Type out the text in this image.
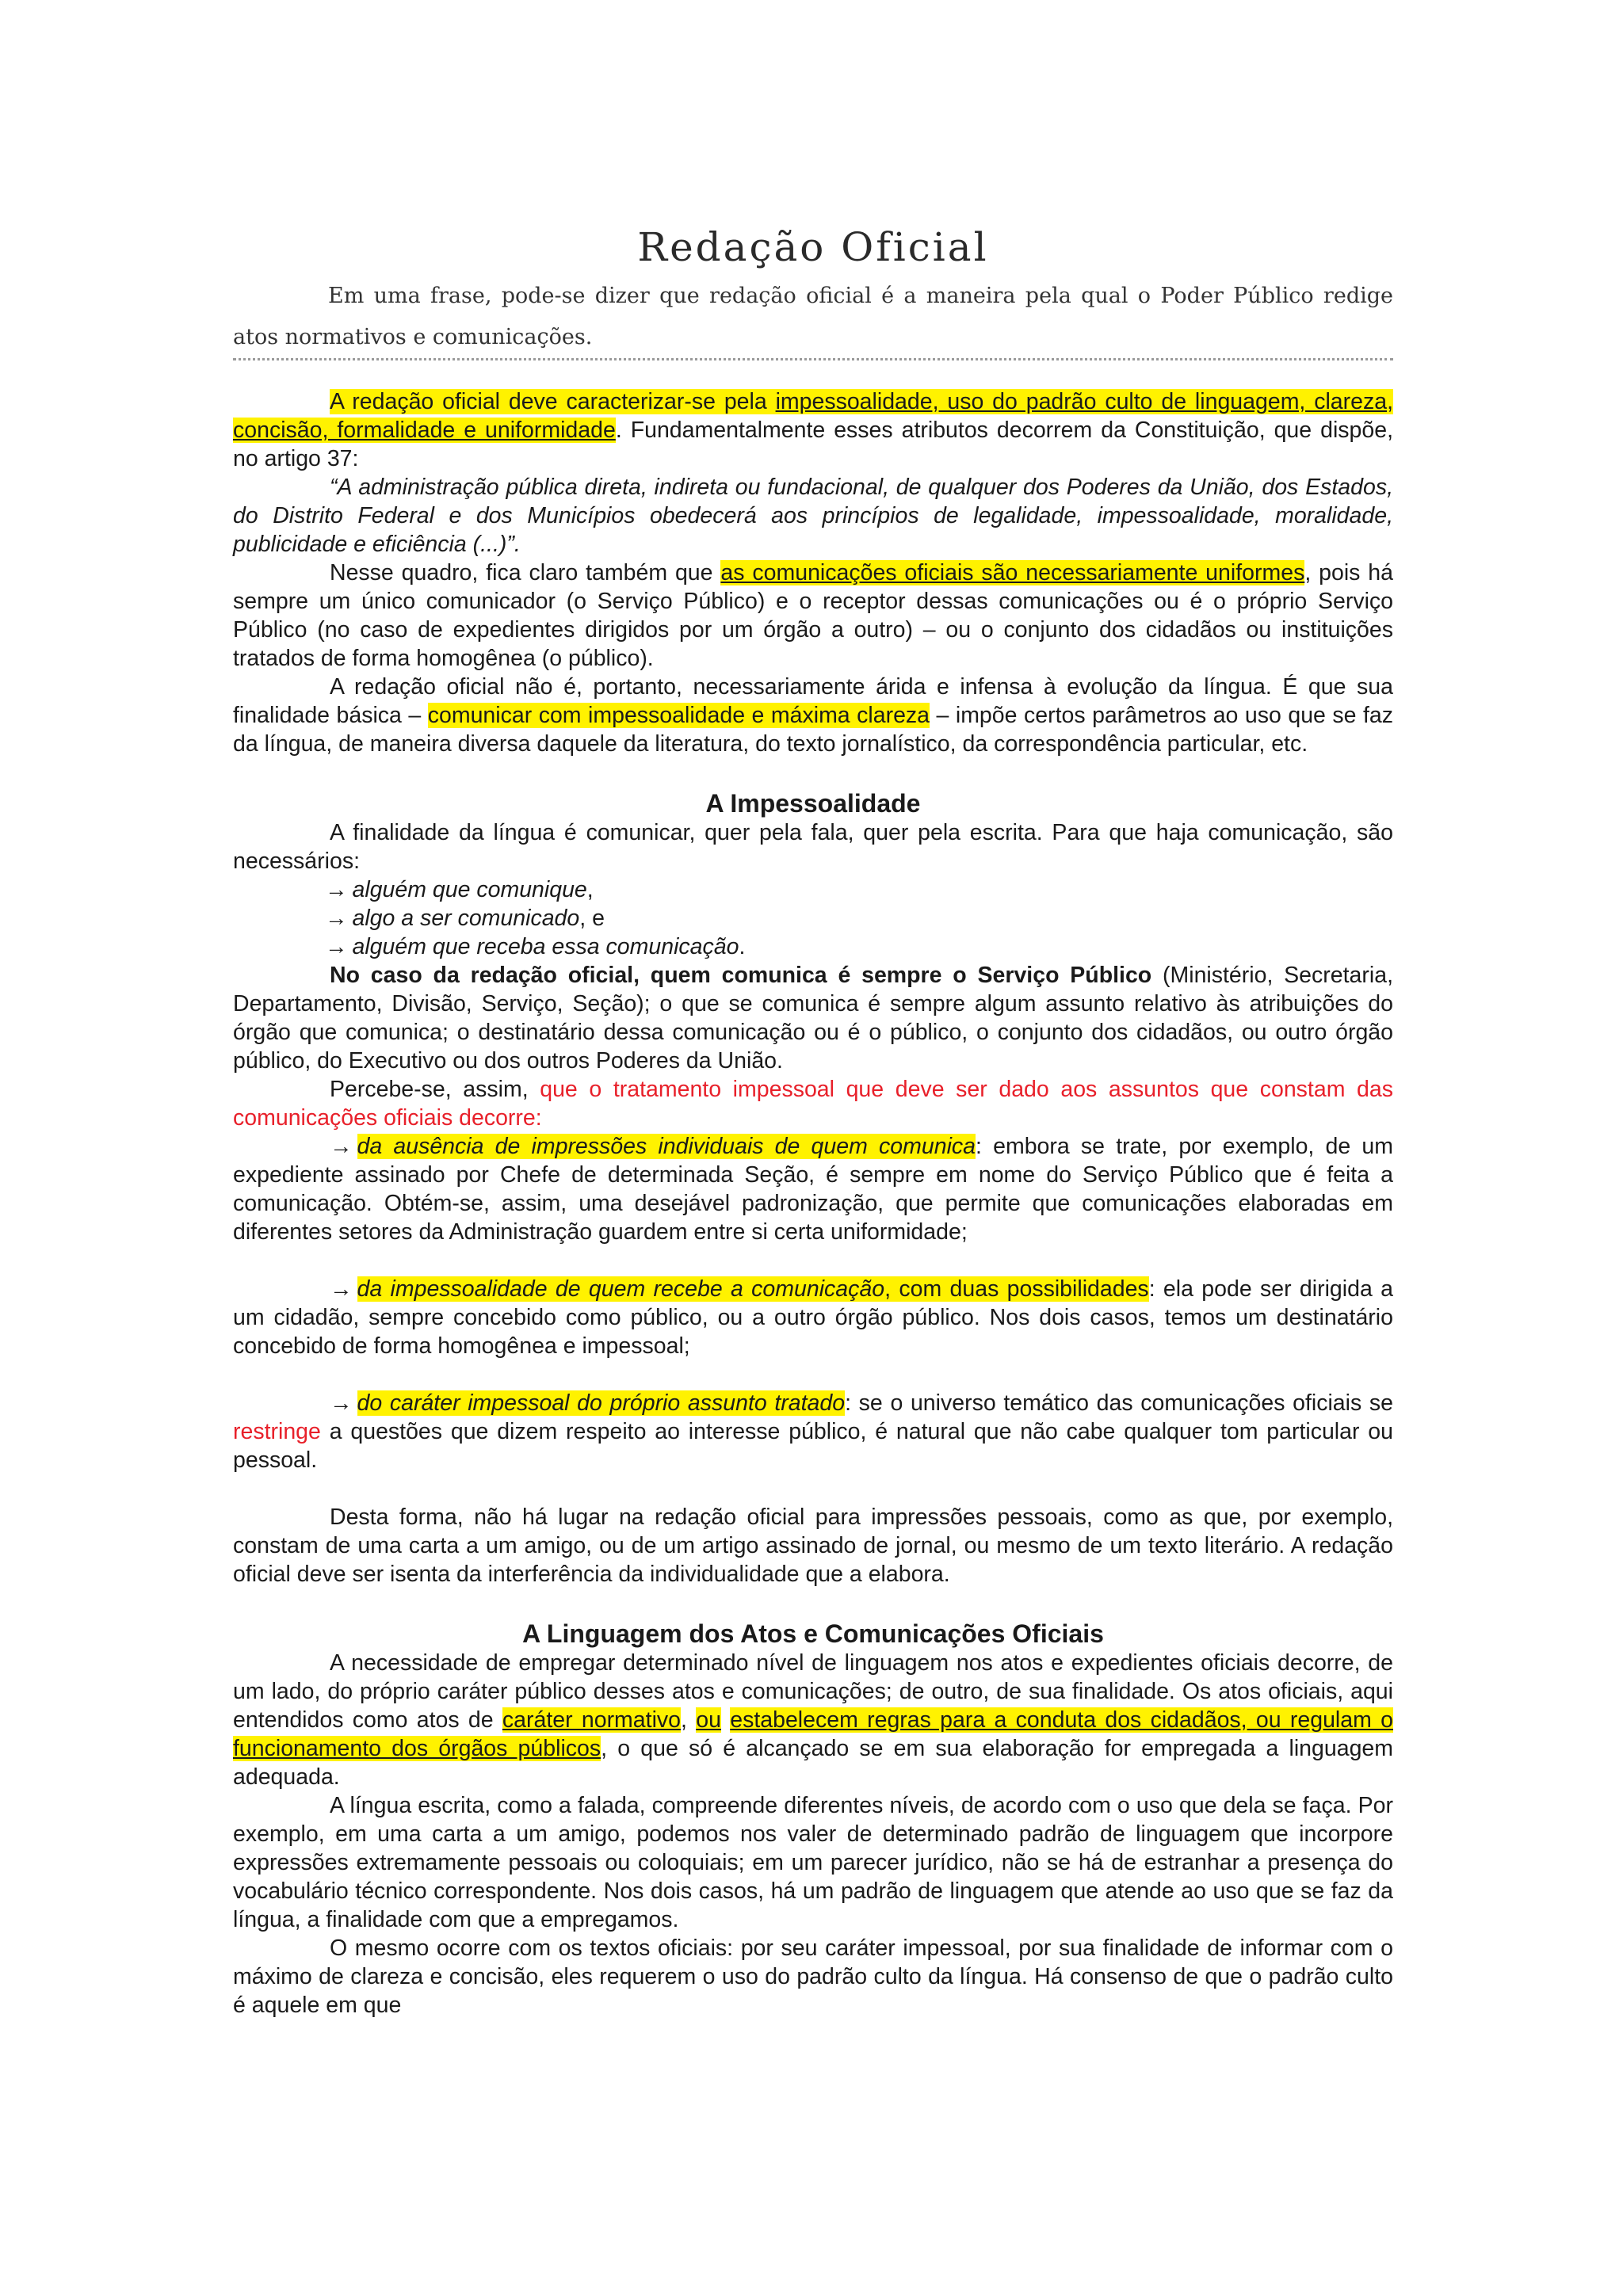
Redação Oficial

Em uma frase, pode-se dizer que redação oficial é a maneira pela qual o Poder Público redige atos normativos e comunicações.

A redação oficial deve caracterizar-se pela impessoalidade, uso do padrão culto de linguagem, clareza, concisão, formalidade e uniformidade. Fundamentalmente esses atributos decorrem da Constituição, que dispõe, no artigo 37:

“A administração pública direta, indireta ou fundacional, de qualquer dos Poderes da União, dos Estados, do Distrito Federal e dos Municípios obedecerá aos princípios de legalidade, impessoalidade, moralidade, publicidade e eficiência (...)”.

Nesse quadro, fica claro também que as comunicações oficiais são necessariamente uniformes, pois há sempre um único comunicador (o Serviço Público) e o receptor dessas comunicações ou é o próprio Serviço Público (no caso de expedientes dirigidos por um órgão a outro) – ou o conjunto dos cidadãos ou instituições tratados de forma homogênea (o público).

A redação oficial não é, portanto, necessariamente árida e infensa à evolução da língua. É que sua finalidade básica – comunicar com impessoalidade e máxima clareza – impõe certos parâmetros ao uso que se faz da língua, de maneira diversa daquele da literatura, do texto jornalístico, da correspondência particular, etc.

A Impessoalidade

A finalidade da língua é comunicar, quer pela fala, quer pela escrita. Para que haja comunicação, são necessários:

→ alguém que comunique,

→ algo a ser comunicado, e

→ alguém que receba essa comunicação.

No caso da redação oficial, quem comunica é sempre o Serviço Público (Ministério, Secretaria, Departamento, Divisão, Serviço, Seção); o que se comunica é sempre algum assunto relativo às atribuições do órgão que comunica; o destinatário dessa comunicação ou é o público, o conjunto dos cidadãos, ou outro órgão público, do Executivo ou dos outros Poderes da União.

Percebe-se, assim, que o tratamento impessoal que deve ser dado aos assuntos que constam das comunicações oficiais decorre:

→ da ausência de impressões individuais de quem comunica: embora se trate, por exemplo, de um expediente assinado por Chefe de determinada Seção, é sempre em nome do Serviço Público que é feita a comunicação. Obtém-se, assim, uma desejável padronização, que permite que comunicações elaboradas em diferentes setores da Administração guardem entre si certa uniformidade;

→ da impessoalidade de quem recebe a comunicação, com duas possibilidades: ela pode ser dirigida a um cidadão, sempre concebido como público, ou a outro órgão público. Nos dois casos, temos um destinatário concebido de forma homogênea e impessoal;

→ do caráter impessoal do próprio assunto tratado: se o universo temático das comunicações oficiais se restringe a questões que dizem respeito ao interesse público, é natural que não cabe qualquer tom particular ou pessoal.

Desta forma, não há lugar na redação oficial para impressões pessoais, como as que, por exemplo, constam de uma carta a um amigo, ou de um artigo assinado de jornal, ou mesmo de um texto literário. A redação oficial deve ser isenta da interferência da individualidade que a elabora.

A Linguagem dos Atos e Comunicações Oficiais

A necessidade de empregar determinado nível de linguagem nos atos e expedientes oficiais decorre, de um lado, do próprio caráter público desses atos e comunicações; de outro, de sua finalidade. Os atos oficiais, aqui entendidos como atos de caráter normativo, ou estabelecem regras para a conduta dos cidadãos, ou regulam o funcionamento dos órgãos públicos, o que só é alcançado se em sua elaboração for empregada a linguagem adequada.

A língua escrita, como a falada, compreende diferentes níveis, de acordo com o uso que dela se faça. Por exemplo, em uma carta a um amigo, podemos nos valer de determinado padrão de linguagem que incorpore expressões extremamente pessoais ou coloquiais; em um parecer jurídico, não se há de estranhar a presença do vocabulário técnico correspondente. Nos dois casos, há um padrão de linguagem que atende ao uso que se faz da língua, a finalidade com que a empregamos.

O mesmo ocorre com os textos oficiais: por seu caráter impessoal, por sua finalidade de informar com o máximo de clareza e concisão, eles requerem o uso do padrão culto da língua. Há consenso de que o padrão culto é aquele em que
